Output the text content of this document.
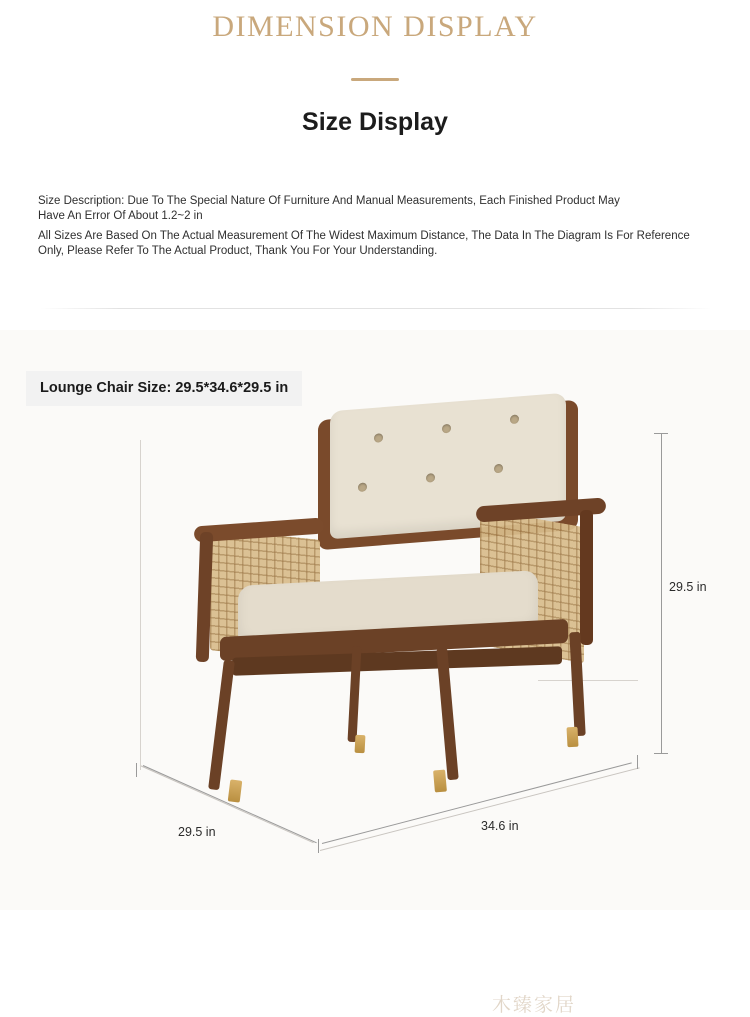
DIMENSION DISPLAY
Size Display
Size Description: Due To The Special Nature Of Furniture And Manual Measurements, Each Finished Product May
Have An Error Of About 1.2~2 in
All Sizes Are Based On The Actual Measurement Of The Widest Maximum Distance, The Data In The Diagram Is For Reference
Only, Please Refer To The Actual Product, Thank You For Your Understanding.
Lounge Chair Size: 29.5*34.6*29.5 in
木臻家居
29.5 in
29.5 in	34.6 in
